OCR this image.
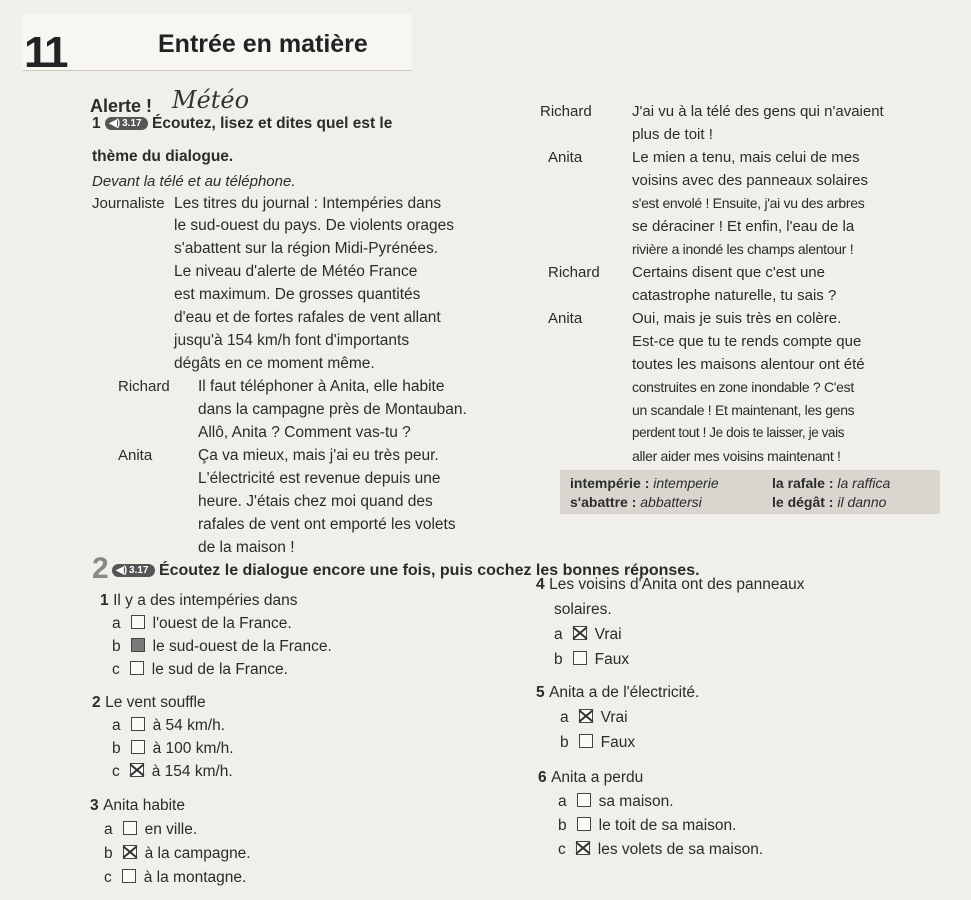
11	Entrée en matière
Alerte ! Météo
1 ◀) 3.17 Écoutez, lisez et dites quel est le
thème du dialogue.
Devant la télé et au téléphone.
Journaliste Les titres du journal : Intempéries dans
le sud-ouest du pays. De violents orages
s'abattent sur la région Midi-Pyrénées.
Le niveau d'alerte de Météo France
est maximum. De grosses quantités
d'eau et de fortes rafales de vent allant
jusqu'à 154 km/h font d'importants
dégâts en ce moment même.
Richard Il faut téléphoner à Anita, elle habite
dans la campagne près de Montauban.
Allô, Anita ? Comment vas-tu ?
Anita	Ça va mieux, mais j'ai eu très peur.
L'électricité est revenue depuis une
heure. J'étais chez moi quand des
rafales de vent ont emporté les volets
de la maison !
Richard	J'ai vu à la télé des gens qui n'avaient
plus de toit !
Anita	Le mien a tenu, mais celui de mes
voisins avec des panneaux solaires
s'est envolé ! Ensuite, j'ai vu des arbres
se déraciner ! Et enfin, l'eau de la
rivière a inondé les champs alentour !
Richard Certains disent que c'est une
catastrophe naturelle, tu sais ?
Anita	Oui, mais je suis très en colère.
Est-ce que tu te rends compte que
toutes les maisons alentour ont été
construites en zone inondable ? C'est
un scandale ! Et maintenant, les gens
perdent tout ! Je dois te laisser, je vais
aller aider mes voisins maintenant !
intempérie : intemperie	la rafale : la raffica
s'abattre : abbattersi	le dégât : il danno
2 ◀) 3.17 Écoutez le dialogue encore une fois, puis cochez les bonnes réponses.
1 Il y a des intempéries dans
a l'ouest de la France.
b le sud-ouest de la France.
c le sud de la France.
2 Le vent souffle
a à 54 km/h.
b à 100 km/h.
c à 154 km/h.
3 Anita habite
a en ville.
b à la campagne.
c à la montagne.
4 Les voisins d'Anita ont des panneaux
solaires.
a Vrai
b Faux
5 Anita a de l'électricité.
a Vrai
b Faux
6 Anita a perdu
a sa maison.
b le toit de sa maison.
c les volets de sa maison.
